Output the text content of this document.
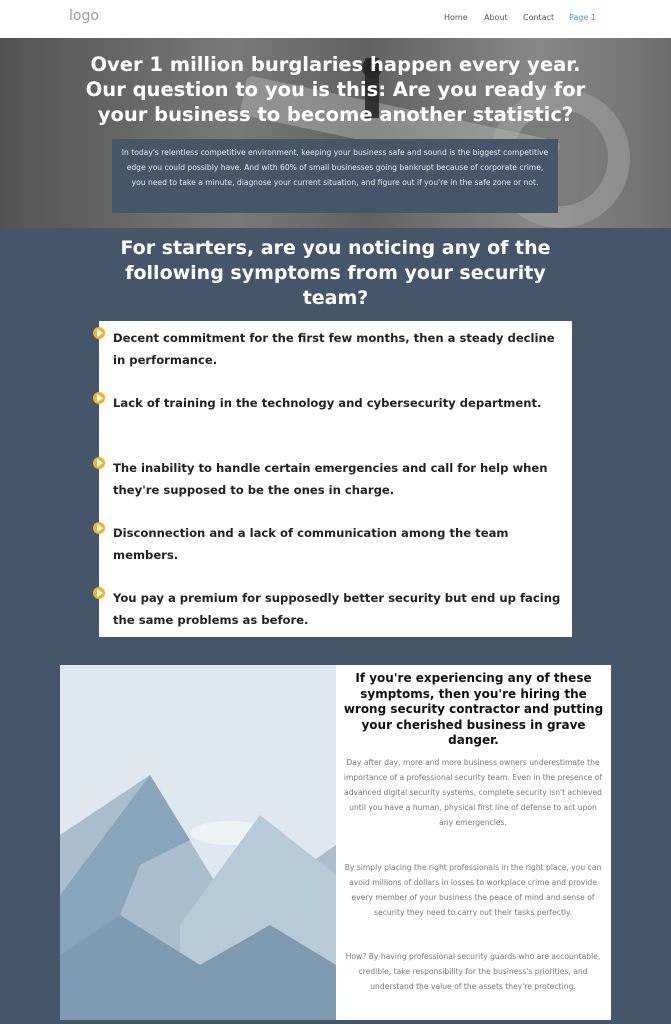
logo	Home About Contact Page 1
Over 1 million burglaries happen every year.
Our question to you is this: Are you ready for
your business to become another statistic?
In today's relentless competitive environment, keeping your business safe and sound is the biggest competitive edge you could possibly have. And with 60% of small businesses going bankrupt because of corporate crime, you need to take a minute, diagnose your current situation, and figure out if you're in the safe zone or not.
For starters, are you noticing any of the
following symptoms from your security
team?
Decent commitment for the first few months, then a steady decline in performance.
Lack of training in the technology and cybersecurity department.
The inability to handle certain emergencies and call for help when they're supposed to be the ones in charge.
Disconnection and a lack of communication among the team members.
You pay a premium for supposedly better security but end up facing the same problems as before.
If you're experiencing any of these symptoms, then you're hiring the wrong security contractor and putting your cherished business in grave danger.
Day after day, more and more business owners underestimate the importance of a professional security team. Even in the presence of advanced digital security systems, complete security isn't achieved until you have a human, physical first line of defense to act upon any emergencies.
By simply placing the right professionals in the right place, you can avoid millions of dollars in losses to workplace crime and provide every member of your business the peace of mind and sense of security they need to carry out their tasks perfectly.
How? By having professional security guards who are accountable, credible, take responsibility for the business's priorities, and understand the value of the assets they're protecting.
